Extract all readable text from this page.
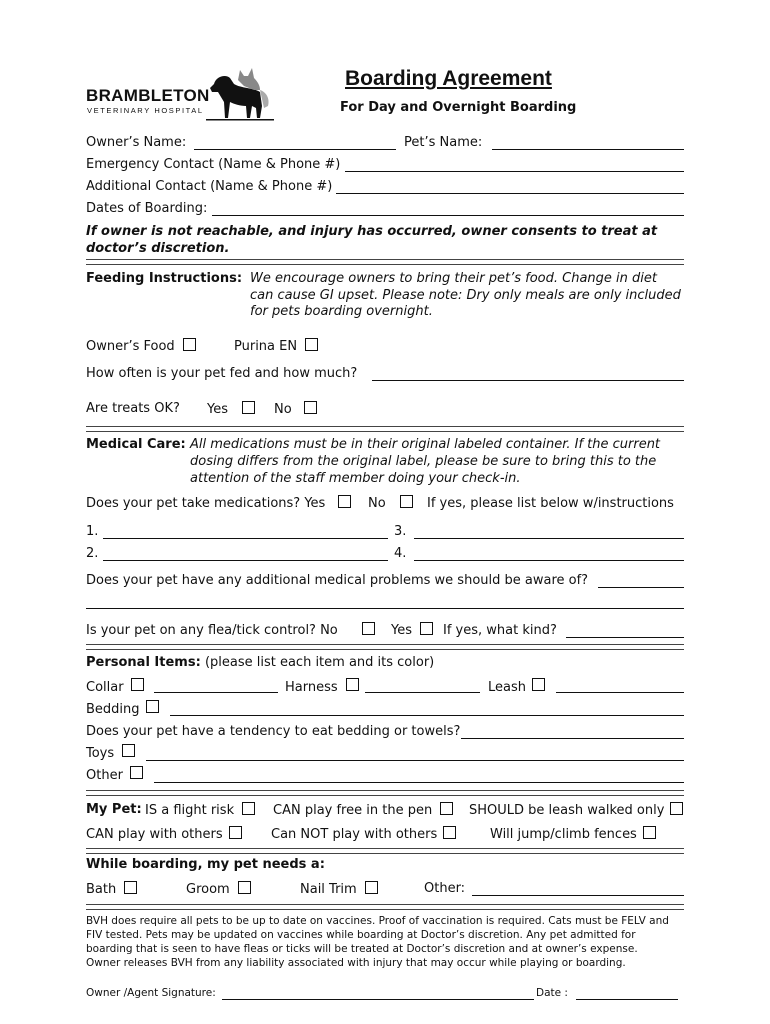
BRAMBLETON
VETERINARY HOSPITAL
Boarding Agreement
For Day and Overnight Boarding
Owner’s Name:	Pet’s Name:
Emergency Contact (Name & Phone #)
Additional Contact (Name & Phone #)
Dates of Boarding:
If owner is not reachable, and injury has occurred, owner consents to treat at doctor’s discretion.
Feeding Instructions: We encourage owners to bring their pet’s food. Change in diet
can cause GI upset. Please note: Dry only meals are only included
for pets boarding overnight.
Owner’s Food	Purina EN
How often is your pet fed and how much?
Are treats OK? Yes	No
Medical Care: All medications must be in their original labeled container. If the current
dosing differs from the original label, please be sure to bring this to the
attention of the staff member doing your check-in.
Does your pet take medications? Yes	No	If yes, please list below w/instructions
1.	3.
2.	4.
Does your pet have any additional medical problems we should be aware of?
Is your pet on any flea/tick control? No	Yes If yes, what kind?
Personal Items: (please list each item and its color)
Collar	Harness	Leash
Bedding
Does your pet have a tendency to eat bedding or towels?
Toys
Other
My Pet: IS a flight risk	CAN play free in the pen	SHOULD be leash walked only
CAN play with others	Can NOT play with others	Will jump/climb fences
While boarding, my pet needs a:
Bath	Groom	Nail Trim	Other:
BVH does require all pets to be up to date on vaccines. Proof of vaccination is required. Cats must be FELV and
FIV tested. Pets may be updated on vaccines while boarding at Doctor’s discretion. Any pet admitted for
boarding that is seen to have fleas or ticks will be treated at Doctor’s discretion and at owner’s expense.
Owner releases BVH from any liability associated with injury that may occur while playing or boarding.
Owner /Agent Signature:	Date :
